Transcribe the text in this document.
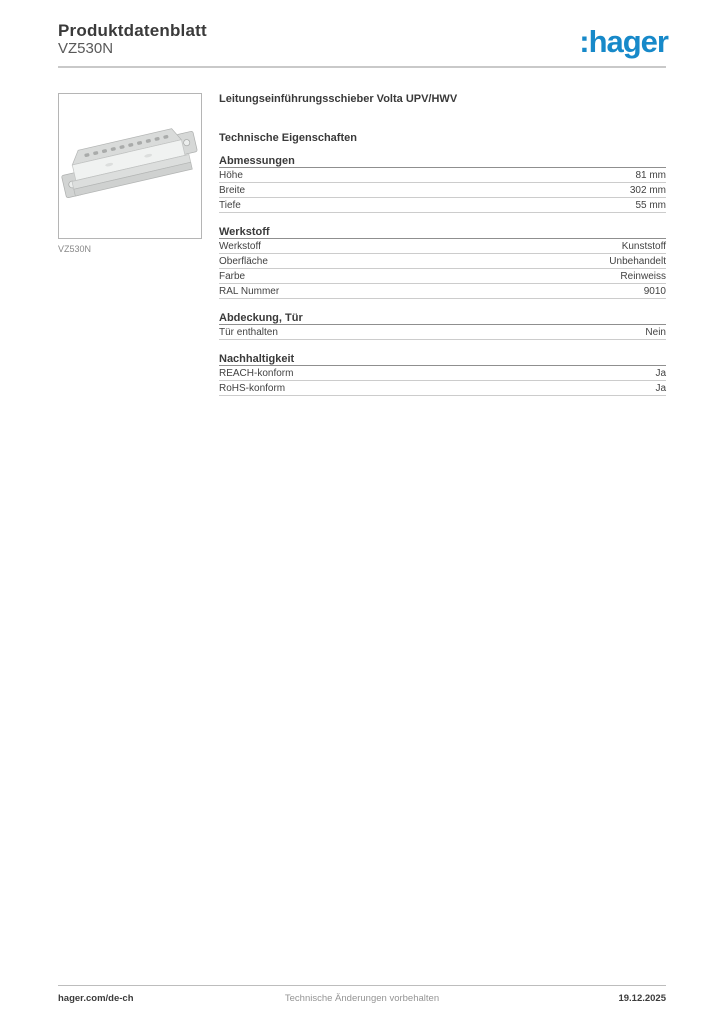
Produktdatenblatt
VZ530N	:hager
VZ530N
Leitungseinführungsschieber Volta UPV/HWV
Technische Eigenschaften
Abmessungen
Höhe	81 mm
Breite	302 mm
Tiefe	55 mm
Werkstoff
Werkstoff	Kunststoff
Oberfläche	Unbehandelt
Farbe	Reinweiss
RAL Nummer	9010
Abdeckung, Tür
Tür enthalten	Nein
Nachhaltigkeit
REACH-konform	Ja
RoHS-konform	Ja
hager.com/de-ch	Technische Änderungen vorbehalten	19.12.2025
